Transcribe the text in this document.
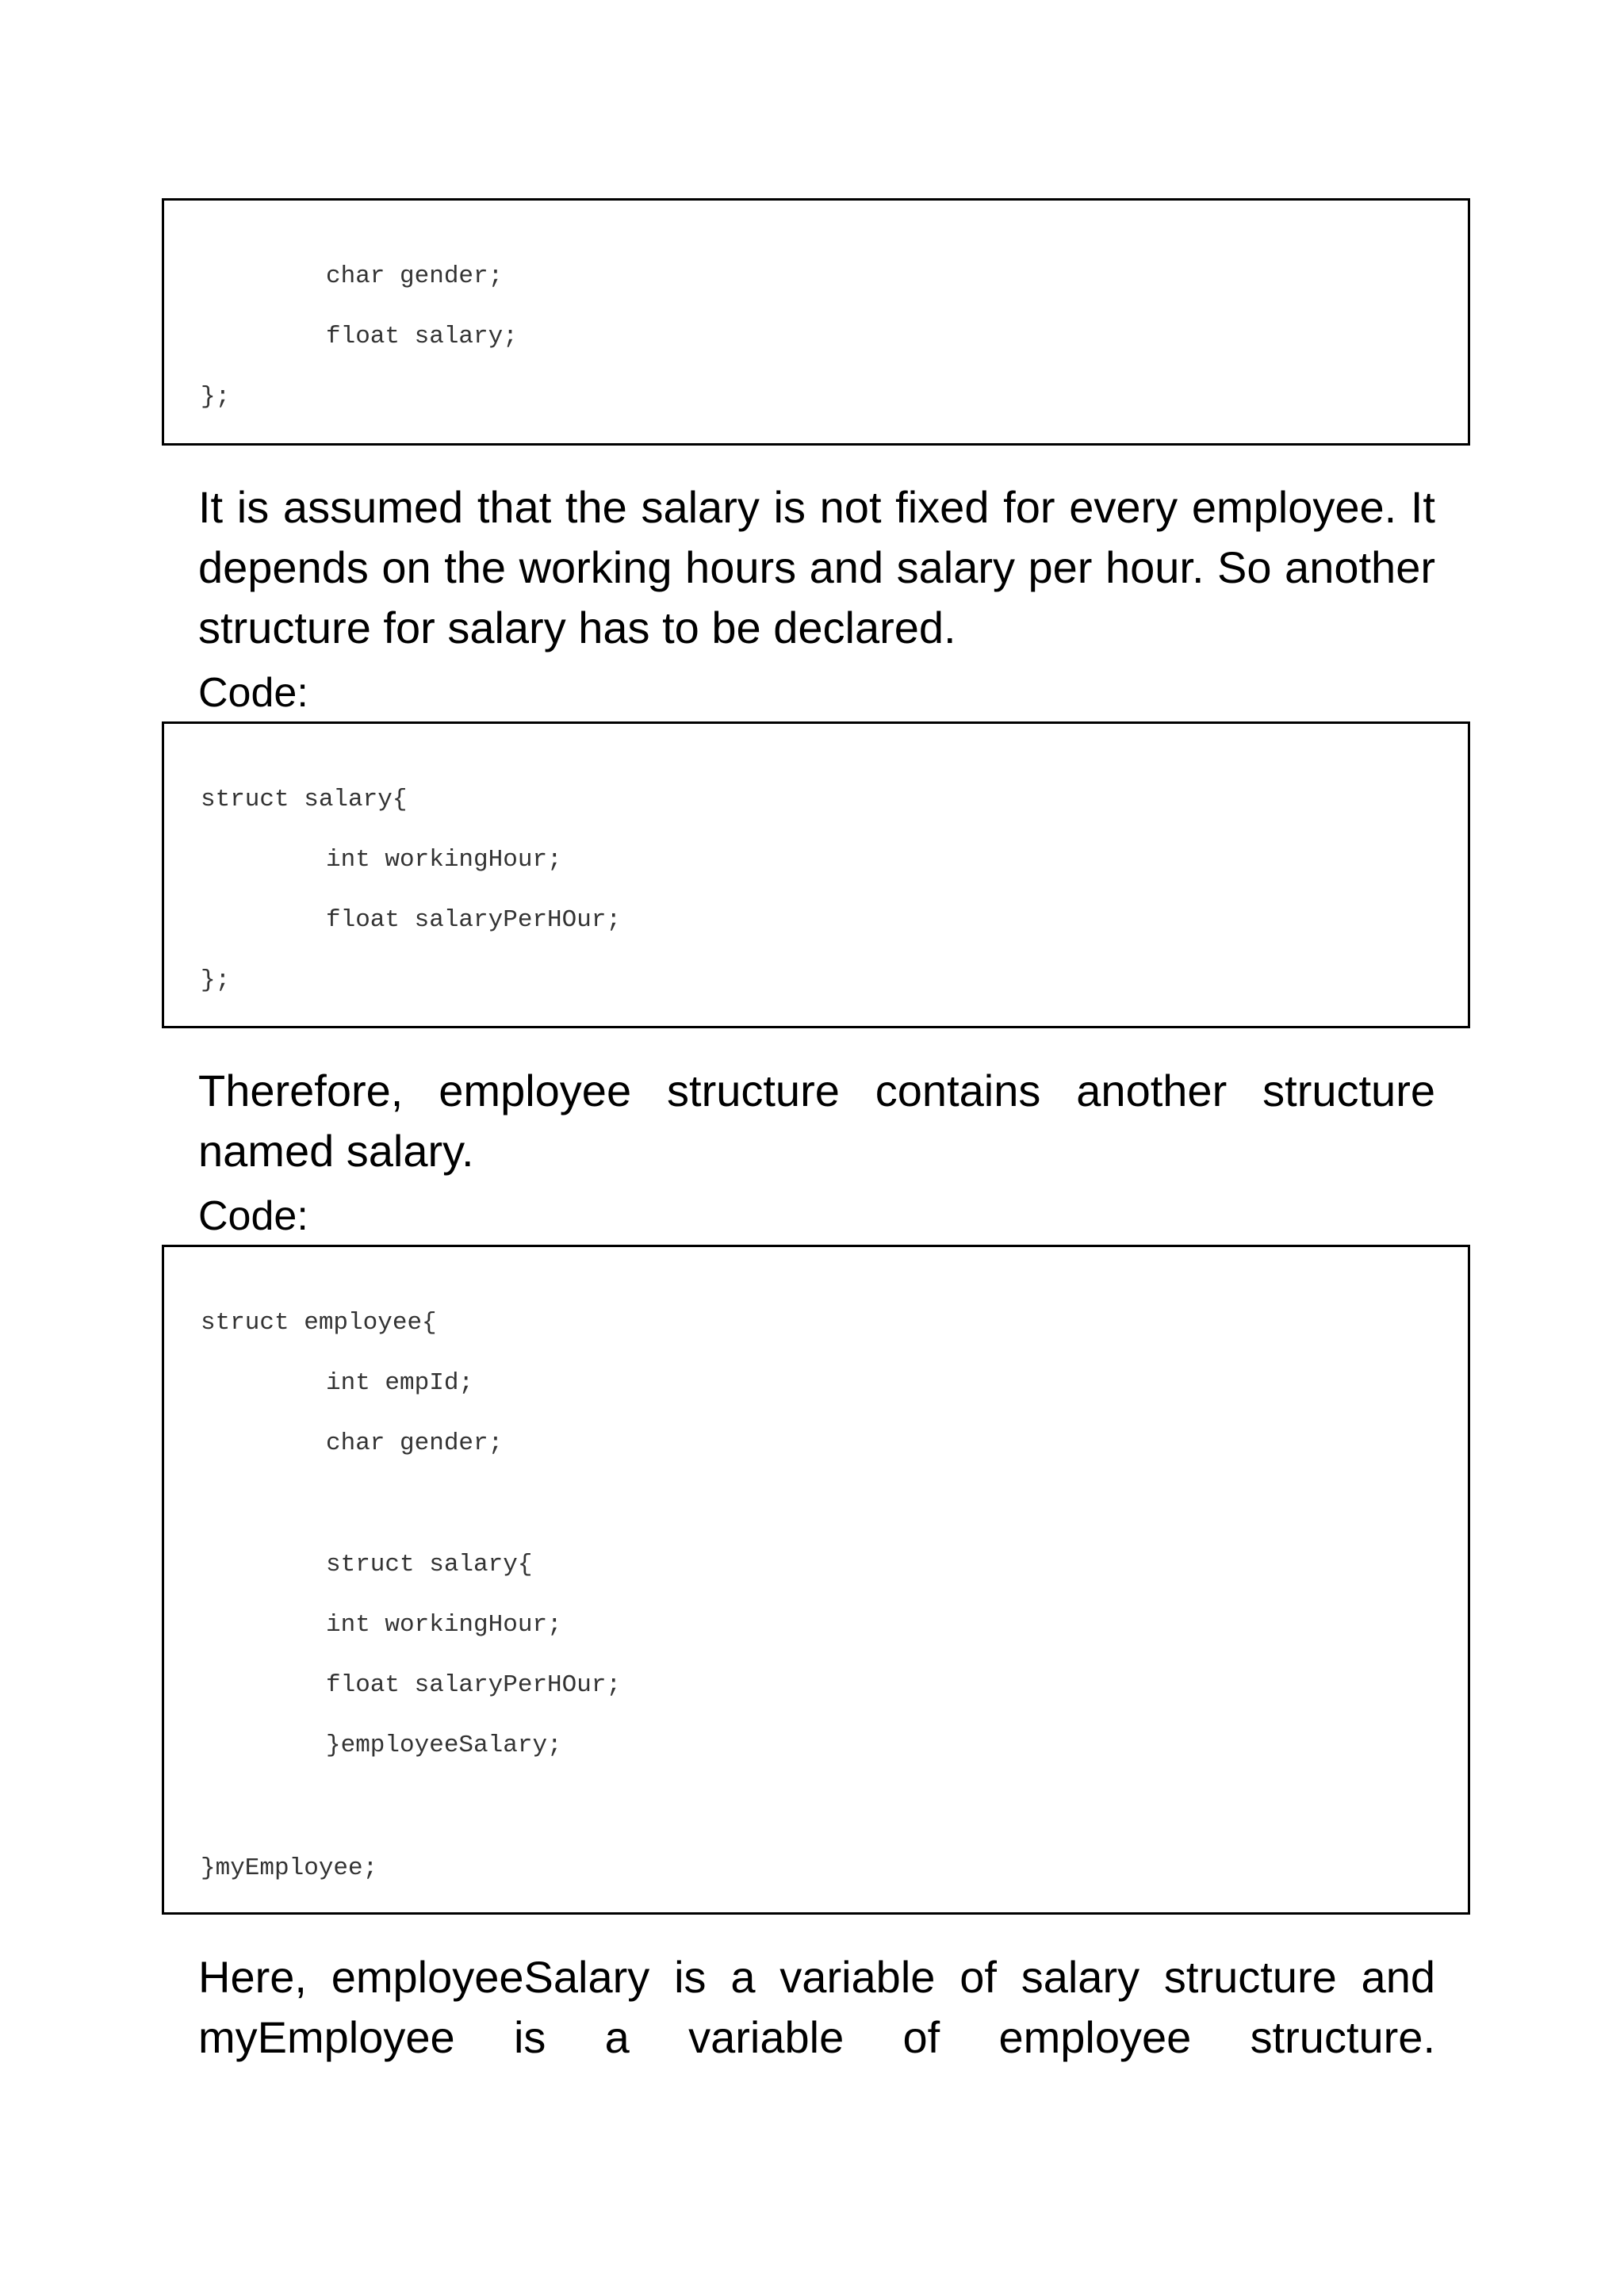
char gender;
float salary;
};

It is assumed that the salary is not fixed for every employee. It depends on the working hours and salary per hour. So another structure for salary has to be declared.

Code:
struct salary{
int workingHour;
float salaryPerHOur;
};

Therefore, employee structure contains another structure named salary.

Code:
struct employee{
int empId;
char gender;
struct salary{
int workingHour;
float salaryPerHOur;
}employeeSalary;
}myEmployee;

Here, employeeSalary is a variable of salary structure and myEmployee is a variable of employee structure.
